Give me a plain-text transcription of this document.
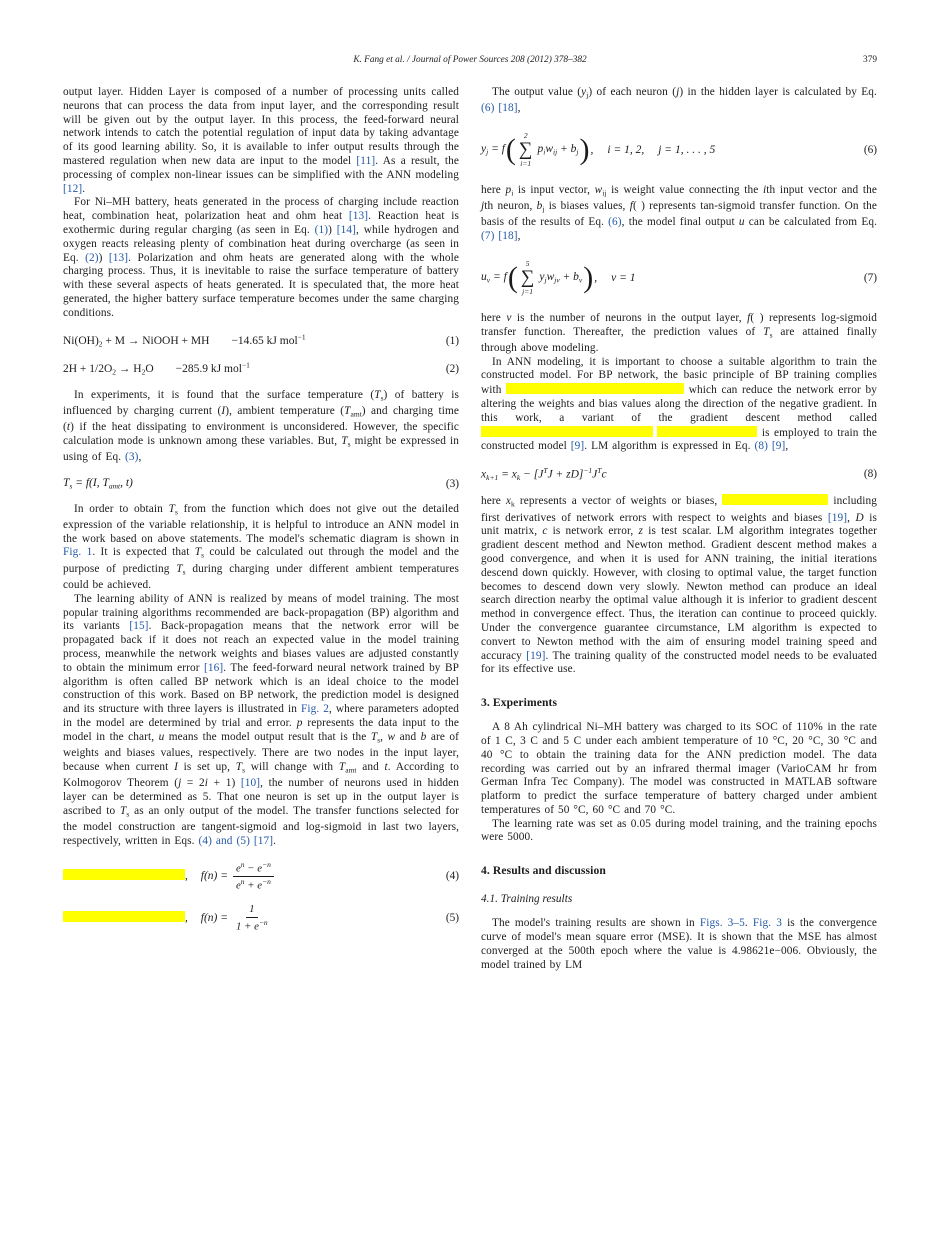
K. Fang et al. / Journal of Power Sources 208 (2012) 378–382	379

output layer. Hidden Layer is composed of a number of processing units called neurons that can process the data from input layer, and the corresponding result will be given out by the output layer. In this process, the feed-forward neural network intends to catch the potential regulation of input data by taking advantage of its good learning ability. So, it is available to infer output results through the mastered regulation when new data are input to the model [11]. As a result, the processing of complex non-linear issues can be simplified with the ANN modeling [12].

For Ni–MH battery, heats generated in the process of charging include reaction heat, combination heat, polarization heat and ohm heat [13]. Reaction heat is exothermic during regular charging (as seen in Eq. (1)) [14], while hydrogen and oxygen reacts releasing plenty of combination heat during overcharge (as seen in Eq. (2)) [13]. Polarization and ohm heats are generated along with the whole charging process. Thus, it is inevitable to raise the surface temperature of battery with these several aspects of heats generated. It is speculated that, the more heat generated, the higher battery surface temperature becomes under the same charging conditions.

$Ni(OH)_2 + M$ → NiOOH + MH −14.65 kJ mol$^{-1}$	(1)
$2H + 1/2O_2 \to H_2O -285.9$ kJ mol$^{-1}$	(2)

In experiments, it is found that the surface temperature $(T_s)$ of battery is influenced by charging current (I), ambient temperature $(T_{amt})$ and charging time (t) if the heat dissipating to environment is unconsidered. However, the specific calculation mode is unknown among these variables. But, $T_s$ might be expressed in using of Eq. (3),

$T_s = f(I$, $T_{amt}$, t)	(3)

In order to obtain $T_s$ from the function which does not give out the detailed expression of the variable relationship, it is helpful to introduce an ANN model in the work based on above statements. The model's schematic diagram is shown in Fig. 1. It is expected that $T_s$ could be calculated out through the model and the purpose of predicting $T_s$ during charging under different ambient temperatures could be achieved.

The learning ability of ANN is realized by means of model training. The most popular training algorithms recommended are back-propagation (BP) algorithm and its variants [15]. Back-propagation means that the network error will be propagated back if it does not reach an expected value in the model training process, meanwhile the network weights and biases values are adjusted constantly to obtain the minimum error [16]. The feed-forward neural network trained by BP algorithm is often called BP network which is an ideal choice to the model construction of this work. Based on BP network, the prediction model is designed and its structure with three layers is illustrated in Fig. 2, where parameters adopted in the model are determined by trial and error. p represents the data input to the model in the chart, u means the model output result that is the $T_s$, w and b are of weights and biases values, respectively. There are two nodes in the input layer, because when current I is set up, $T_s$ will change with $T_{amt}$ and t. According to Kolmogorov Theorem (j = 2i + 1) [10], the number of neurons used in hidden layer can be determined as 5. That one neuron is set up in the output layer is ascribed to $T_s$ as an only output of the model. The transfer functions selected for the model construction are tangent-sigmoid and log-sigmoid in last two layers, respectively, written in Eqs. (4) and (5) [17].

, $f(n) = \frac{e^n - e^{-n}}{e^n + e^{-n}}$	(4)
, $f(n) = \frac{1}{1 + e^{-n}}$	(5)

The output value $(y_j)$ of each neuron (j) in the hidden layer is calculated by Eq. (6) [18],

$y_j = f$ ( 2
∑
i=1
$p_iw_{ij} + b_j$ ) , i = 1, 2, j = 1, . . . , 5	(6)

here $p_i$ is input vector, $w_{ij}$ is weight value connecting the ith input vector and the jth neuron, $b_j$ is biases values, f( ) represents tan-sigmoid transfer function. On the basis of the results of Eq. (6), the model final output u can be calculated from Eq. (7) [18],

$u_\nu = f$ ( 5
∑
j=1
$y_jw_{j\nu} + b_\nu$ ) , ν = 1	(7)

here ν is the number of neurons in the output layer, f( ) represents log-sigmoid transfer function. Thereafter, the prediction values of $T_s$ are attained finally through above modeling.

In ANN modeling, it is important to choose a suitable algorithm to train the constructed model. For BP network, the basic principle of BP training complies with	which can reduce the network error by altering the weights and bias values along the direction of the negative gradient. In this work, a variant of the gradient descent method called   is employed to train the constructed model [9]. LM algorithm is expressed in Eq. (8) [9],

$x_{k+1} = x_k - [J^TJ + zD]^{-1}J^Tc$	(8)

here $x_k$ represents a vector of weights or biases,	including first derivatives of network errors with respect to weights and biases [19], D is unit matrix, c is network error, z is test scalar. LM algorithm integrates together gradient descent method and Newton method. Gradient descent method makes a good convergence, and when it is used for ANN training, the initial iterations descend down quickly. However, with closing to optimal value, the target function becomes to descend down very slowly. Newton method can produce an ideal search direction nearby the optimal value although it is inferior to gradient descent method in convergence effect. Thus, the iteration can continue to proceed quickly. Under the convergence guarantee circumstance, LM algorithm is expected to convert to Newton method with the aim of ensuring model training speed and accuracy [19]. The training quality of the constructed model needs to be evaluated for its effective use.

3. Experiments

A 8 Ah cylindrical Ni–MH battery was charged to its SOC of 110% in the rate of 1 C, 3 C and 5 C under each ambient temperature of 10 °C, 20 °C, 30 °C and 40 °C to obtain the training data for the ANN prediction model. The data recording was carried out by an infrared thermal imager (VarioCAM hr from German Infra Tec Company). The model was constructed in MATLAB software platform to predict the surface temperature of battery charged under ambient temperatures of 50 °C, 60 °C and 70 °C.

The learning rate was set as 0.05 during model training, and the training epochs were 5000.

4. Results and discussion
4.1. Training results

The model's training results are shown in Figs. 3–5. Fig. 3 is the convergence curve of model's mean square error (MSE). It is shown that the MSE has almost converged at the 500th epoch where the value is 4.98621e−006. Obviously, the model trained by LM
